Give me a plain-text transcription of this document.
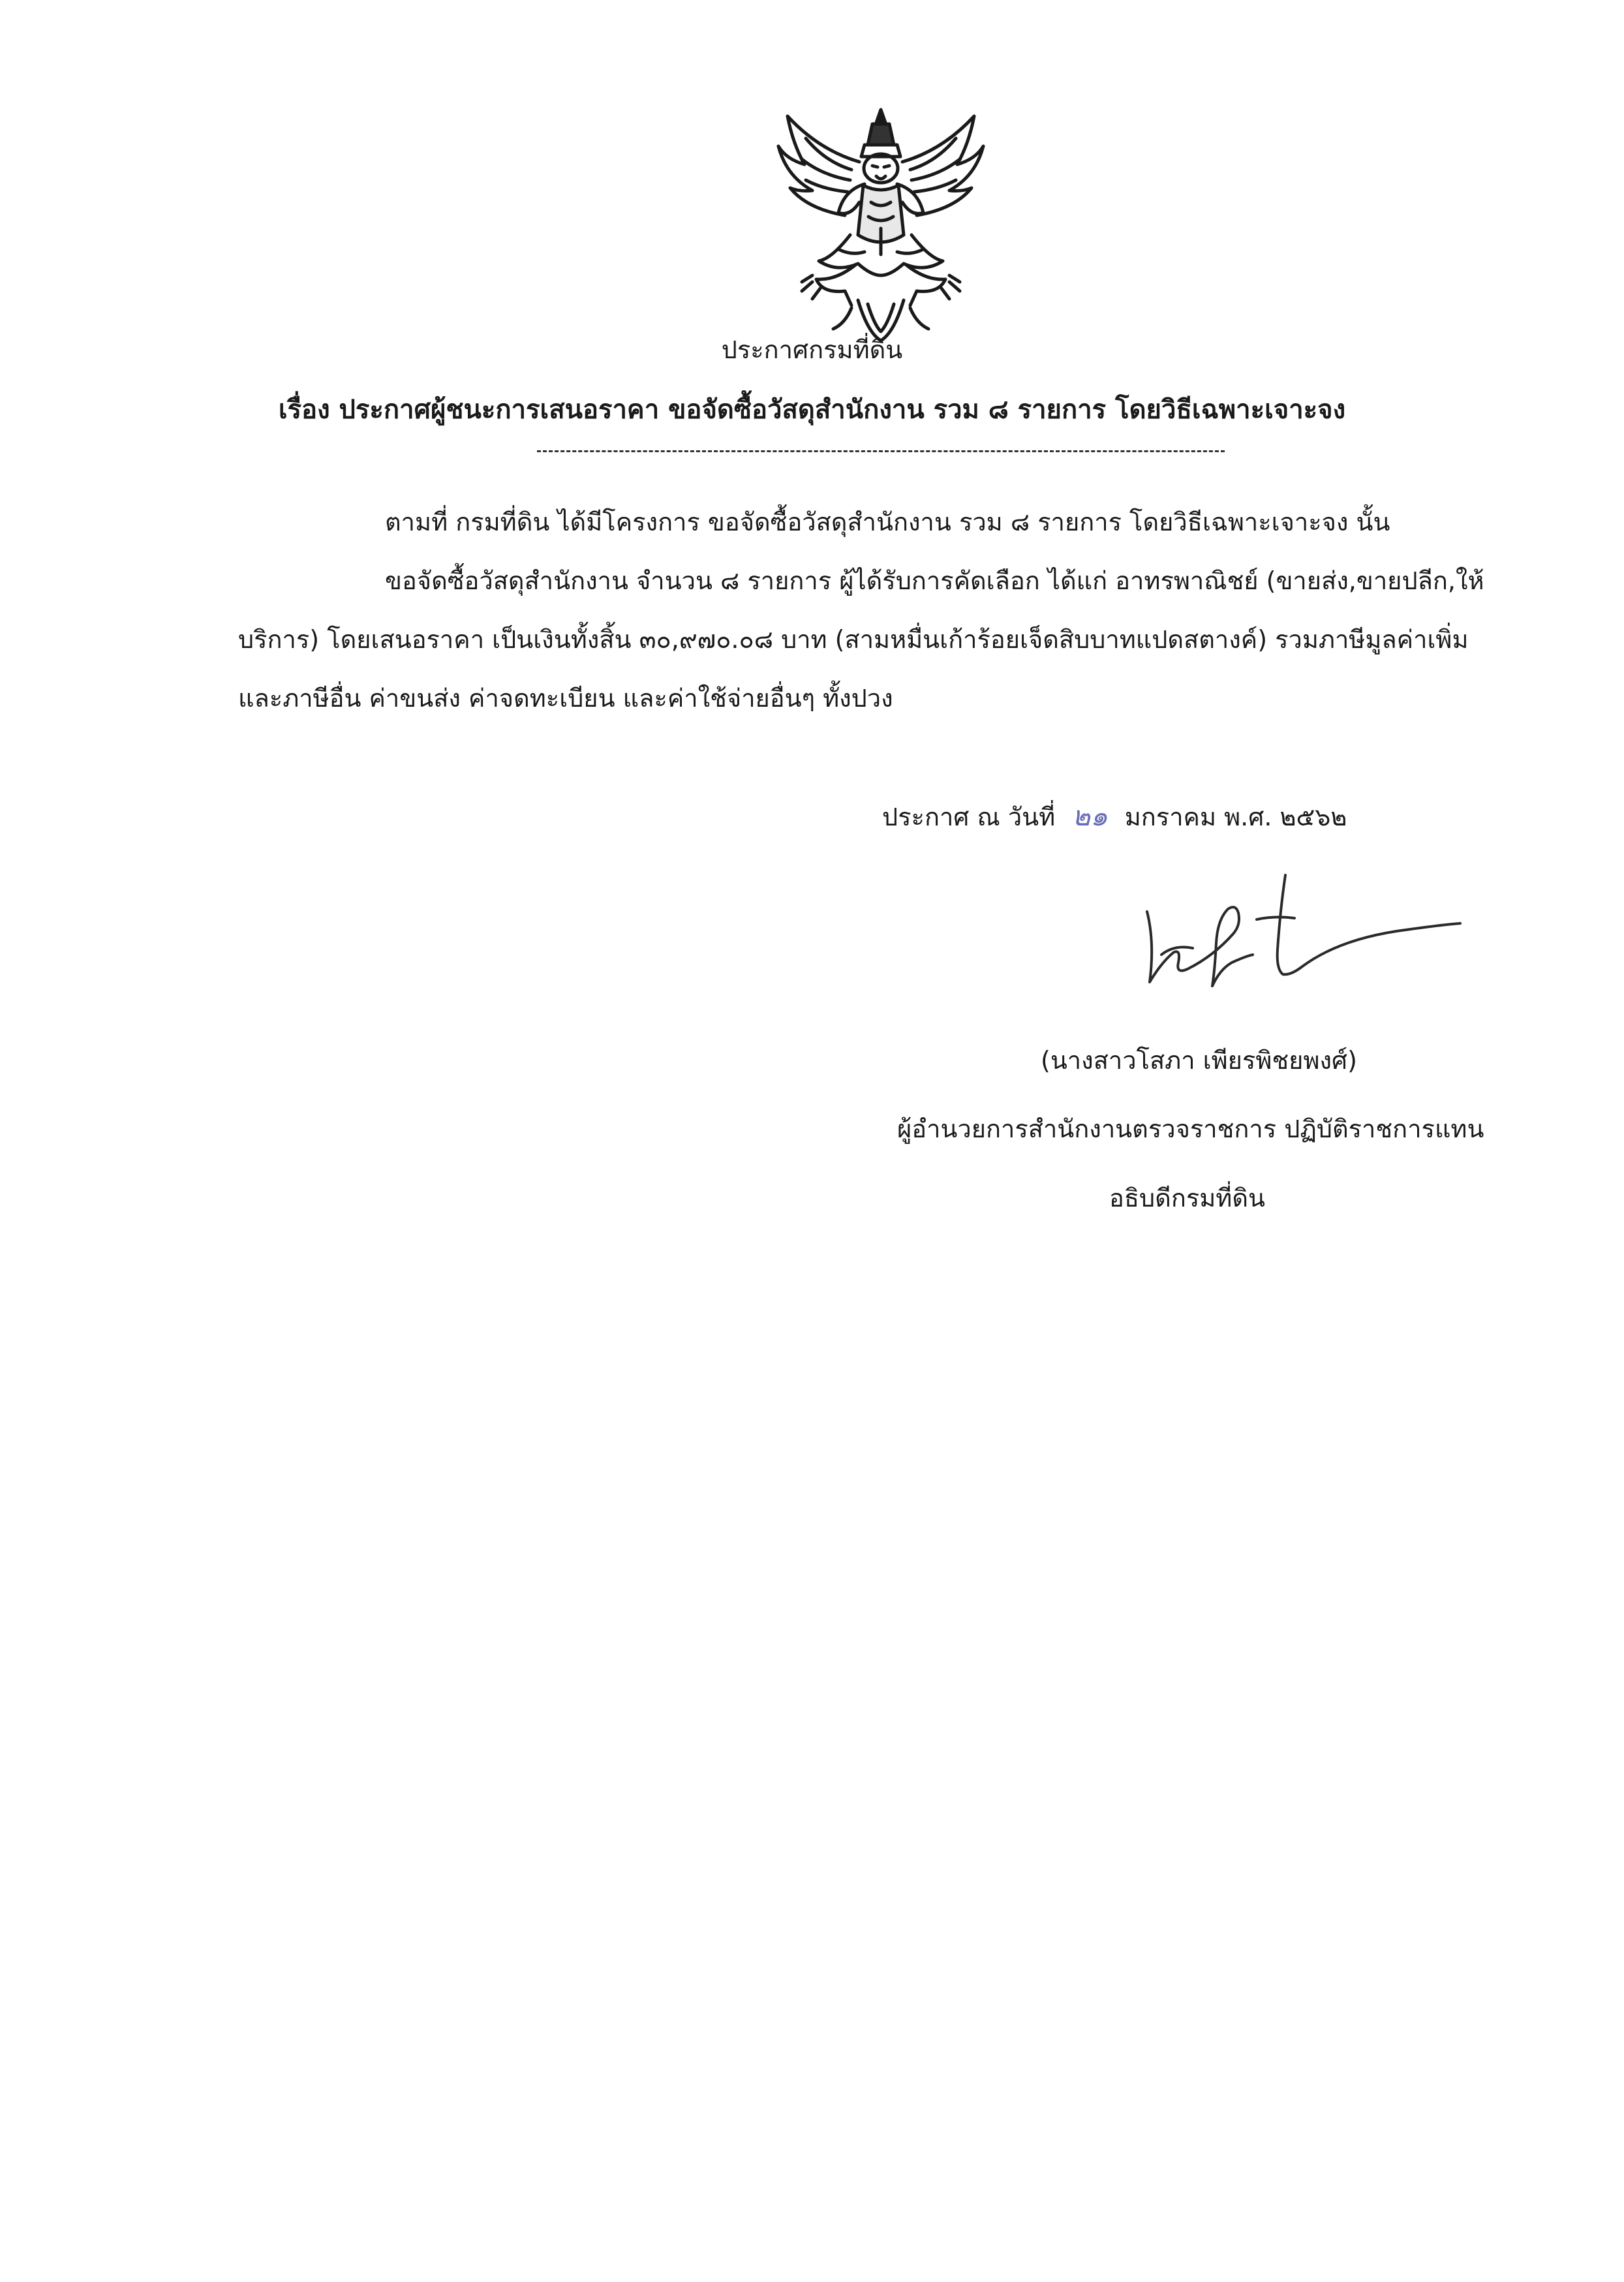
ประกาศกรมที่ดิน
เรื่อง ประกาศผู้ชนะการเสนอราคา ขอจัดซื้อวัสดุสำนักงาน รวม ๘ รายการ โดยวิธีเฉพาะเจาะจง
ตามที่ กรมที่ดิน ได้มีโครงการ ขอจัดซื้อวัสดุสำนักงาน รวม ๘ รายการ โดยวิธีเฉพาะเจาะจง นั้น
ขอจัดซื้อวัสดุสำนักงาน จำนวน ๘ รายการ ผู้ได้รับการคัดเลือก ได้แก่ อาทรพาณิชย์ (ขายส่ง,ขายปลีก,ให้
บริการ) โดยเสนอราคา เป็นเงินทั้งสิ้น ๓๐,๙๗๐.๐๘ บาท (สามหมื่นเก้าร้อยเจ็ดสิบบาทแปดสตางค์) รวมภาษีมูลค่าเพิ่ม
และภาษีอื่น ค่าขนส่ง ค่าจดทะเบียน และค่าใช้จ่ายอื่นๆ ทั้งปวง
ประกาศ ณ วันที่ ๒๑ มกราคม พ.ศ. ๒๕๖๒
(นางสาวโสภา เพียรพิชยพงศ์)
ผู้อำนวยการสำนักงานตรวจราชการ ปฏิบัติราชการแทน
อธิบดีกรมที่ดิน
